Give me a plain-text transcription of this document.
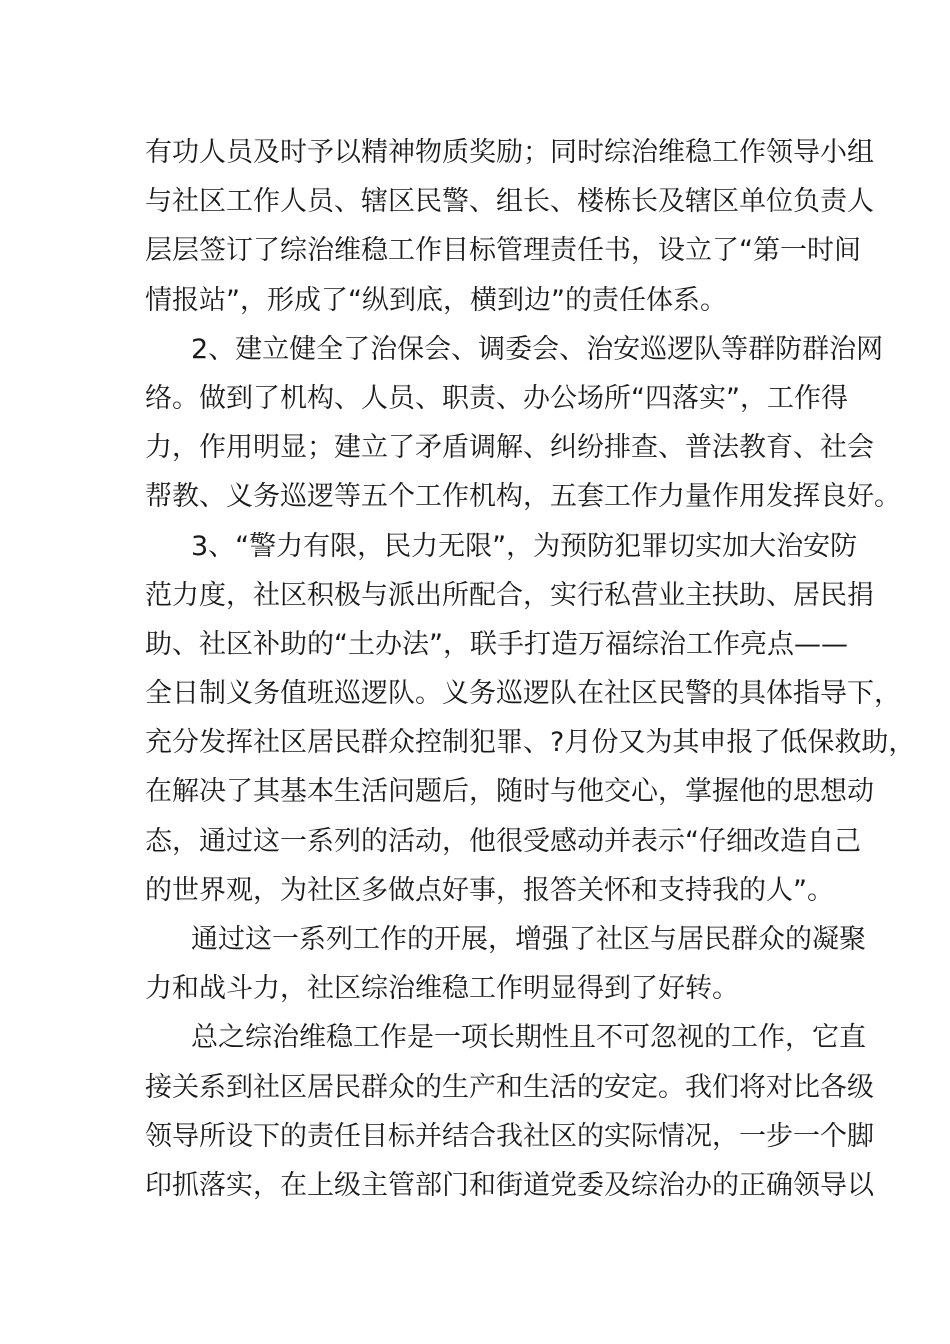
有功人员及时予以精神物质奖励；同时综治维稳工作领导小组
与社区工作人员、辖区民警、组长、楼栋长及辖区单位负责人
层层签订了综治维稳工作目标管理责任书，设立了“第一时间
情报站”，形成了“纵到底，横到边”的责任体系。
2、建立健全了治保会、调委会、治安巡逻队等群防群治网
络。做到了机构、人员、职责、办公场所“四落实”，工作得
力，作用明显；建立了矛盾调解、纠纷排查、普法教育、社会
帮教、义务巡逻等五个工作机构，五套工作力量作用发挥良好。
3、“警力有限，民力无限”，为预防犯罪切实加大治安防
范力度，社区积极与派出所配合，实行私营业主扶助、居民捐
助、社区补助的“土办法”，联手打造万福综治工作亮点——
全日制义务值班巡逻队。义务巡逻队在社区民警的具体指导下，
充分发挥社区居民群众控制犯罪、?月份又为其申报了低保救助，
在解决了其基本生活问题后，随时与他交心，掌握他的思想动
态，通过这一系列的活动，他很受感动并表示“仔细改造自己
的世界观，为社区多做点好事，报答关怀和支持我的人”。
通过这一系列工作的开展，增强了社区与居民群众的凝聚
力和战斗力，社区综治维稳工作明显得到了好转。
总之综治维稳工作是一项长期性且不可忽视的工作，它直
接关系到社区居民群众的生产和生活的安定。我们将对比各级
领导所设下的责任目标并结合我社区的实际情况，一步一个脚
印抓落实，在上级主管部门和街道党委及综治办的正确领导以
